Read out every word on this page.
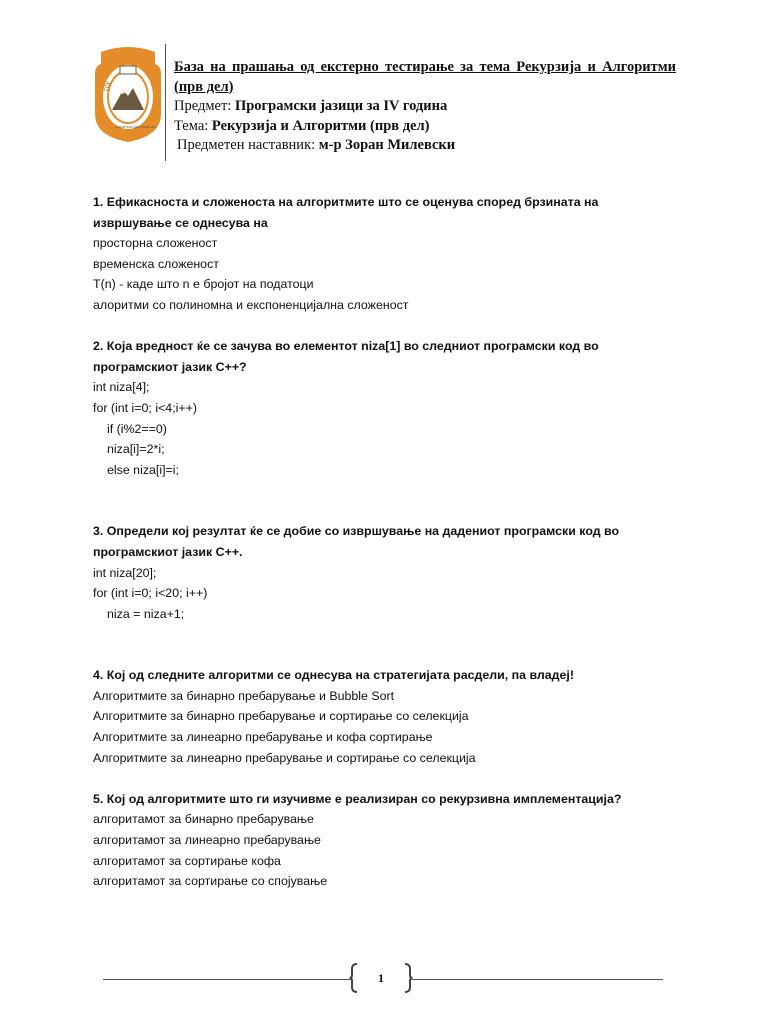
СОУ
Димитри Деклаеоски
База на прашања од екстерно тестирање за тема Рекурзија и Алгоритми (прв дел)
Предмет: Програмски јазици за IV година
Тема: Рекурзија и Алгоритми (прв дел)
Предметен наставник: м-р Зоран Милевски
1. Ефикасноста и сложеноста на алгоритмите што се оценува според брзината на извршување се однесува на
просторна сложеност
временска сложеност
T(n) - каде што n е бројот на податоци
алоритми со полиномна и експоненцијална сложеност
2. Која вредност ќе се зачува во елементот niza[1] во следниот програмски код во програмскиот јазик C++?
int niza[4];
for (int i=0; i<4;i++)
if (i%2==0)
niza[i]=2*i;
else niza[i]=i;
3. Определи кој резултат ќе се добие со извршување на дадениот програмски код во програмскиот јазик C++.
int niza[20];
for (int i=0; i<20; i++)
niza = niza+1;
4. Кој од следните алгоритми се однесува на стратегијата расдели, па владеј!
Алгоритмите за бинарно пребарување и Bubble Sort
Алгоритмите за бинарно пребарување и сортирање со селекција
Алгоритмите за линеарно пребарување и кофа сортирање
Алгоритмите за линеарно пребарување и сортирање со селекција
5. Кој од алгоритмите што ги изучивме е реализиран со рекурзивна имплементација?
алгоритамот за бинарно пребарување
алгоритамот за линеарно пребарување
алгоритамот за сортирање кофа
алгоритамот за сортирање со спојување
1
